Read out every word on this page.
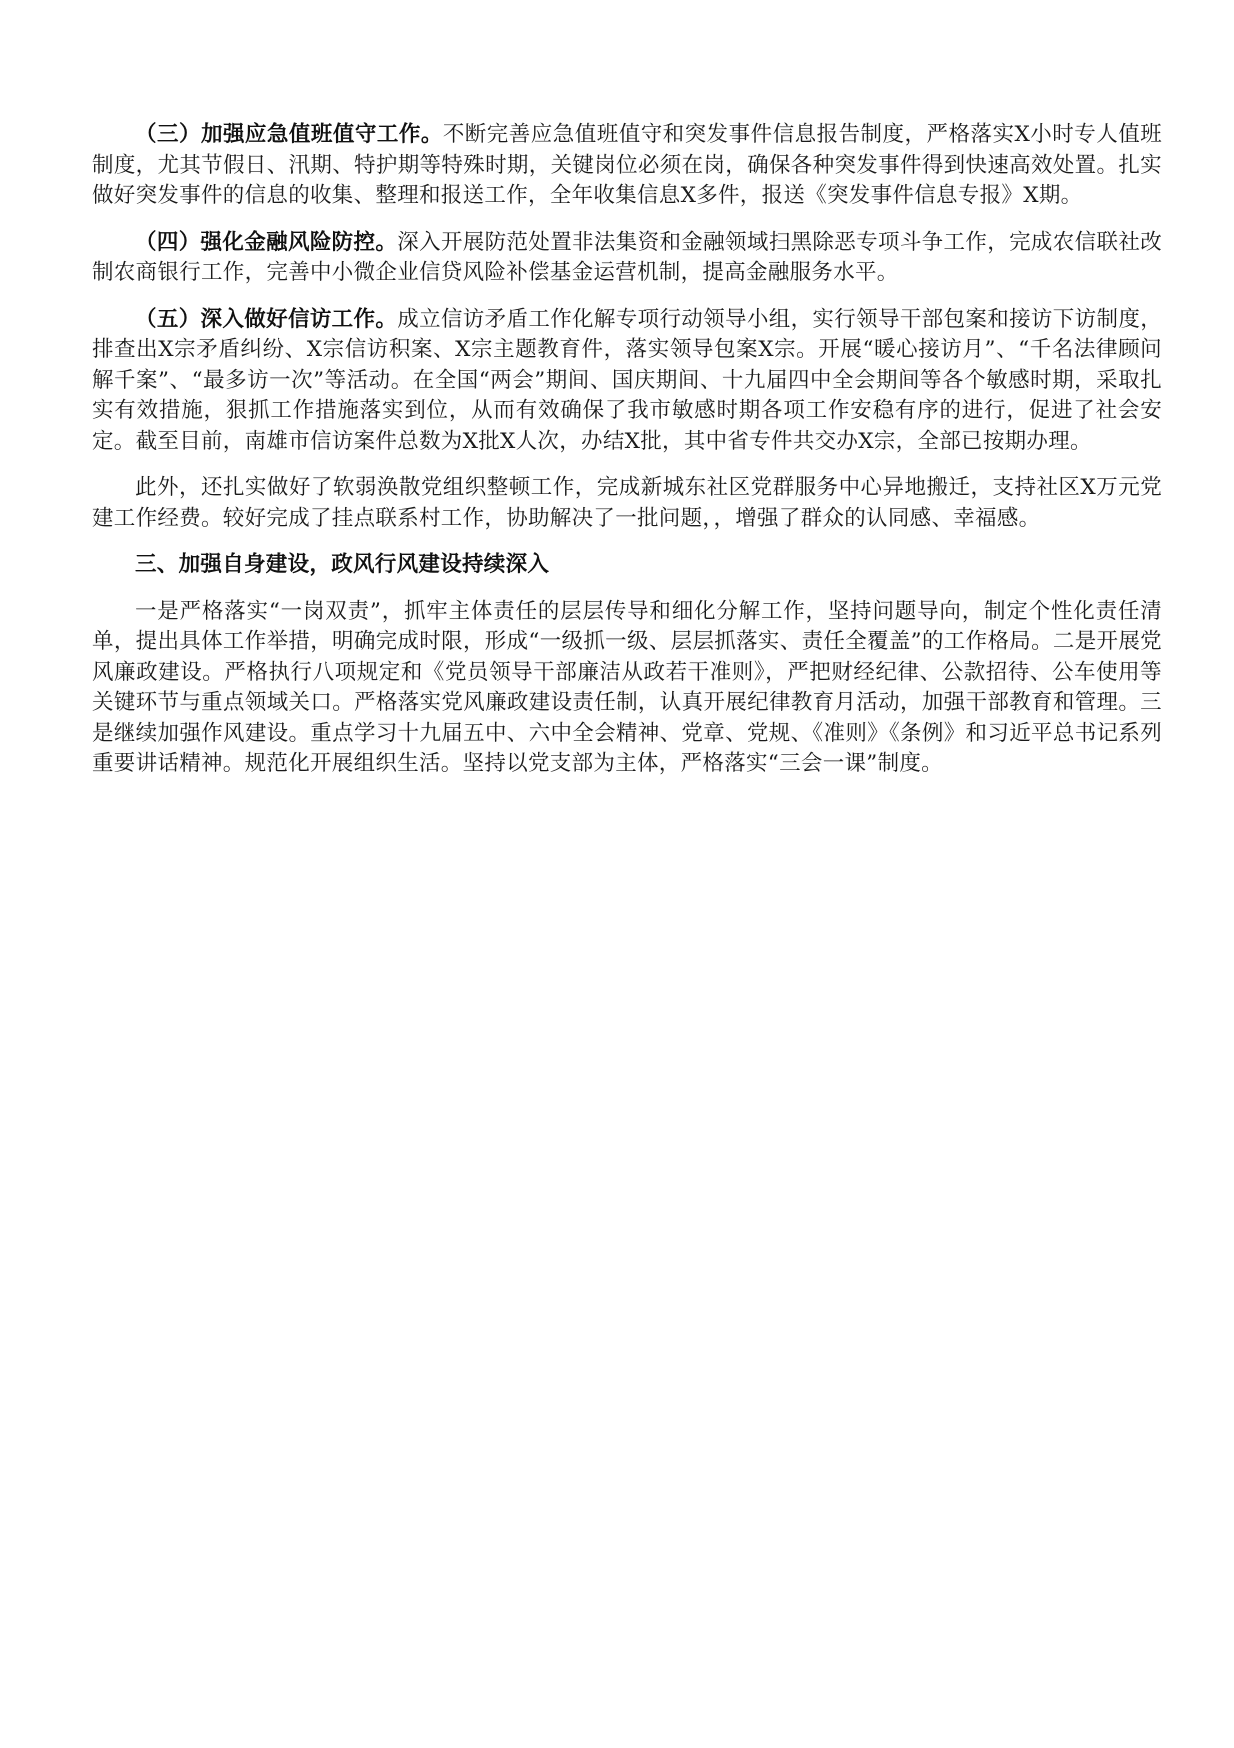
（三）加强应急值班值守工作。不断完善应急值班值守和突发事件信息报告制度，严格落实X小时专人值班制度，尤其节假日、汛期、特护期等特殊时期，关键岗位必须在岗，确保各种突发事件得到快速高效处置。扎实做好突发事件的信息的收集、整理和报送工作，全年收集信息X多件，报送《突发事件信息专报》X期。

（四）强化金融风险防控。深入开展防范处置非法集资和金融领域扫黑除恶专项斗争工作，完成农信联社改制农商银行工作，完善中小微企业信贷风险补偿基金运营机制，提高金融服务水平。

（五）深入做好信访工作。成立信访矛盾工作化解专项行动领导小组，实行领导干部包案和接访下访制度，排查出X宗矛盾纠纷、X宗信访积案、X宗主题教育件，落实领导包案X宗。开展“暖心接访月”、“千名法律顾问解千案”、“最多访一次”等活动。在全国“两会”期间、国庆期间、十九届四中全会期间等各个敏感时期，采取扎实有效措施，狠抓工作措施落实到位，从而有效确保了我市敏感时期各项工作安稳有序的进行，促进了社会安定。截至目前，南雄市信访案件总数为X批X人次，办结X批，其中省专件共交办X宗，全部已按期办理。

此外，还扎实做好了软弱涣散党组织整顿工作，完成新城东社区党群服务中心异地搬迁，支持社区X万元党建工作经费。较好完成了挂点联系村工作，协助解决了一批问题，，增强了群众的认同感、幸福感。

三、加强自身建设，政风行风建设持续深入

一是严格落实“一岗双责”，抓牢主体责任的层层传导和细化分解工作，坚持问题导向，制定个性化责任清单，提出具体工作举措，明确完成时限，形成“一级抓一级、层层抓落实、责任全覆盖”的工作格局。二是开展党风廉政建设。严格执行八项规定和《党员领导干部廉洁从政若干准则》，严把财经纪律、公款招待、公车使用等关键环节与重点领域关口。严格落实党风廉政建设责任制，认真开展纪律教育月活动，加强干部教育和管理。三是继续加强作风建设。重点学习十九届五中、六中全会精神、党章、党规、《准则》《条例》和习近平总书记系列重要讲话精神。规范化开展组织生活。坚持以党支部为主体，严格落实“三会一课”制度。
